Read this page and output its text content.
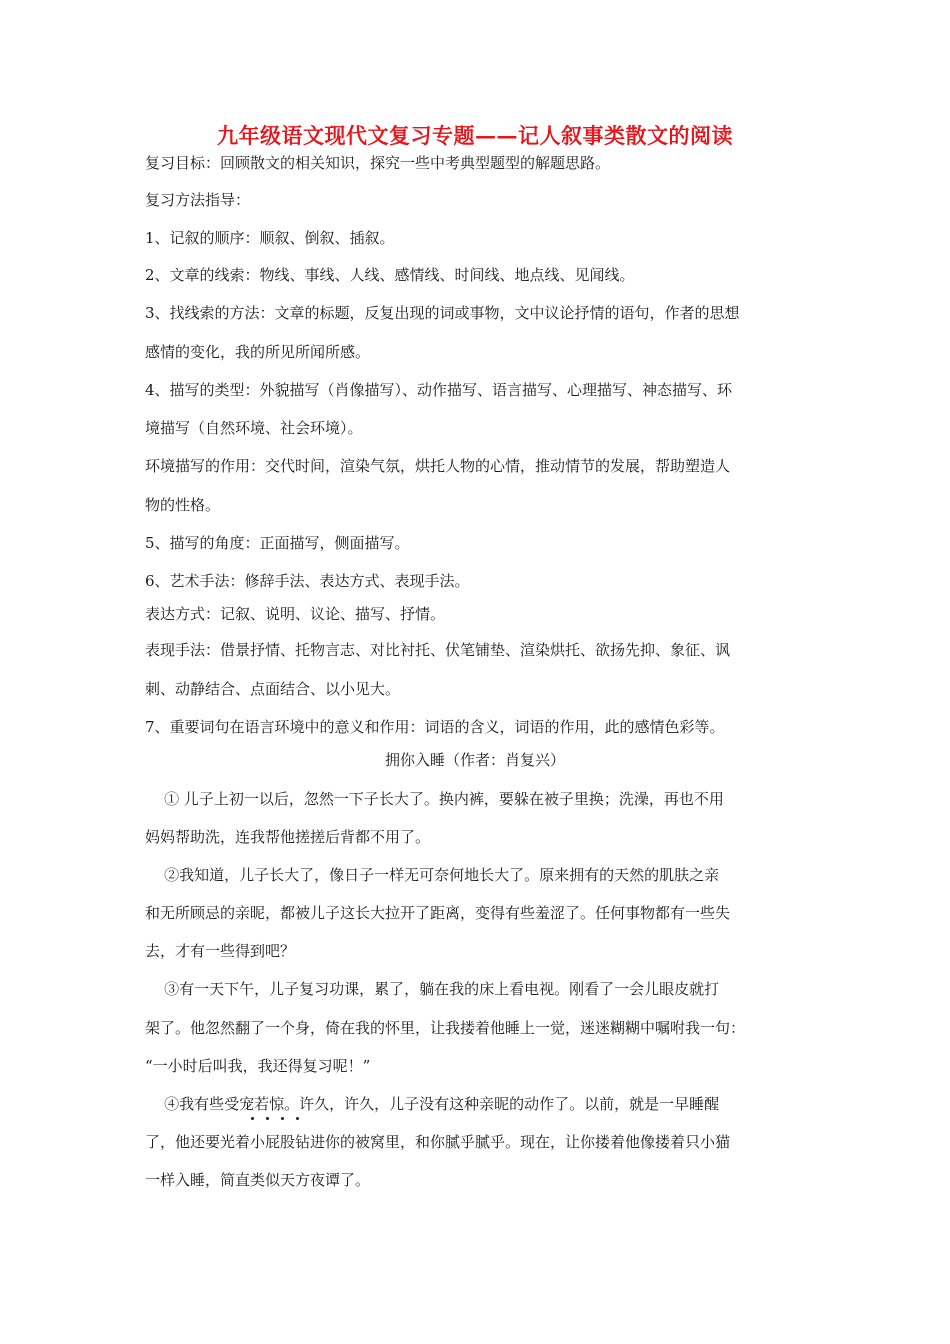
九年级语文现代文复习专题——记人叙事类散文的阅读
复习目标：回顾散文的相关知识，探究一些中考典型题型的解题思路。
复习方法指导：
1、记叙的顺序：顺叙、倒叙、插叙。
2、文章的线索：物线、事线、人线、感情线、时间线、地点线、见闻线。
3、找线索的方法：文章的标题，反复出现的词或事物，文中议论抒情的语句，作者的思想
感情的变化，我的所见所闻所感。
4、描写的类型：外貌描写（肖像描写）、动作描写、语言描写、心理描写、神态描写、环
境描写（自然环境、社会环境）。
环境描写的作用：交代时间，渲染气氛，烘托人物的心情，推动情节的发展，帮助塑造人
物的性格。
5、描写的角度：正面描写，侧面描写。
6、艺术手法：修辞手法、表达方式、表现手法。
表达方式：记叙、说明、议论、描写、抒情。
表现手法：借景抒情、托物言志、对比衬托、伏笔铺垫、渲染烘托、欲扬先抑、象征、讽
刺、动静结合、点面结合、以小见大。
7、重要词句在语言环境中的意义和作用：词语的含义，词语的作用，此的感情色彩等。
拥你入睡（作者：肖复兴）
① 儿子上初一以后，忽然一下子长大了。换内裤，要躲在被子里换；洗澡，再也不用
妈妈帮助洗，连我帮他搓搓后背都不用了。
②我知道，儿子长大了，像日子一样无可奈何地长大了。原来拥有的天然的肌肤之亲
和无所顾忌的亲昵，都被儿子这长大拉开了距离，变得有些羞涩了。任何事物都有一些失
去，才有一些得到吧？
③有一天下午，儿子复习功课，累了，躺在我的床上看电视。刚看了一会儿眼皮就打
架了。他忽然翻了一个身，倚在我的怀里，让我搂着他睡上一觉，迷迷糊糊中嘱咐我一句：
“一小时后叫我，我还得复习呢！”
④我有些受宠若惊。许久，许久，儿子没有这种亲昵的动作了。以前，就是一早睡醒
了，他还要光着小屁股钻进你的被窝里，和你腻乎腻乎。现在，让你搂着他像搂着只小猫
一样入睡，简直类似天方夜谭了。
